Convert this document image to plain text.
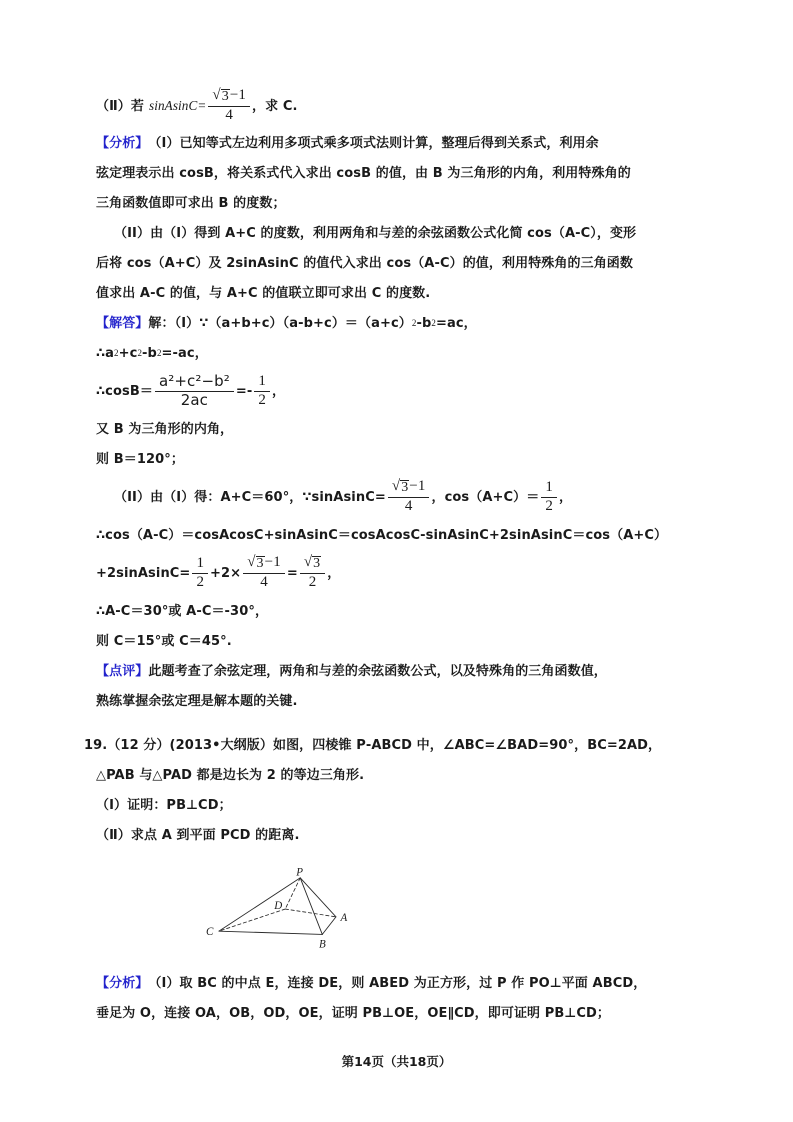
（Ⅱ）若 sinAsinC= $\frac{√ 3 -1}{4}$ ，求 C.
【分析】 （I）已知等式左边利用多项式乘多项式法则计算，整理后得到关系式，利用余
弦定理表示出 cosB，将关系式代入求出 cosB 的值，由 B 为三角形的内角，利用特殊角的
三角函数值即可求出 B 的度数；
（II）由（I）得到 A+C 的度数，利用两角和与差的余弦函数公式化简 cos（A‑C），变形
后将 cos（A+C）及 2sinAsinC 的值代入求出 cos（A‑C）的值，利用特殊角的三角函数
值求出 A‑C 的值，与 A+C 的值联立即可求出 C 的度数.
【解答】 解：（I）∵（a+b+c）（a‑b+c）＝（a+c） 2 ‑b 2 =ac，
∴a 2 +c 2 ‑b 2 =‑ac，
∴cosB＝ $\frac{\text{a²+c²−b²}}{2ac}$ =‑ $\frac{1}{2}$ ，
又 B 为三角形的内角，
则 B＝120°；
（II）由（I）得：A+C＝60°，∵sinAsinC= $\frac{√ 3 -1}{4}$ ，$\cos(A+C)= \frac{1}{2}$ ，
∴cos（A‑C）＝cosAcosC+sinAsinC＝cosAcosC‑sinAsinC+2sinAsinC＝cos（A+C）
+2sinAsinC= $\frac{1}{2} +2\times \frac{√ 3 -1}{4} = \frac{√ 3}{2}$ ，
∴A‑C＝30°或 A‑C＝‑30°，
则 C＝15°或 C＝45°.
【点评】 此题考查了余弦定理，两角和与差的余弦函数公式，以及特殊角的三角函数值，
熟练掌握余弦定理是解本题的关键.
19.（12 分）(2013•大纲版）如图，四棱锥 P‑ABCD 中，∠ABC=∠BAD=90°，BC=2AD，
△PAB 与△PAD 都是边长为 2 的等边三角形.
（Ⅰ）证明：PB⊥CD；
（Ⅱ）求点 A 到平面 PCD 的距离.
P
D
A
B
C
【分析】 （I）取 BC 的中点 E，连接 DE，则 ABED 为正方形，过 P 作 PO⊥平面 ABCD，
垂足为 O，连接 OA，OB，OD，OE，证明 PB⊥OE，OE∥CD，即可证明 PB⊥CD；
第14页（共18页）
